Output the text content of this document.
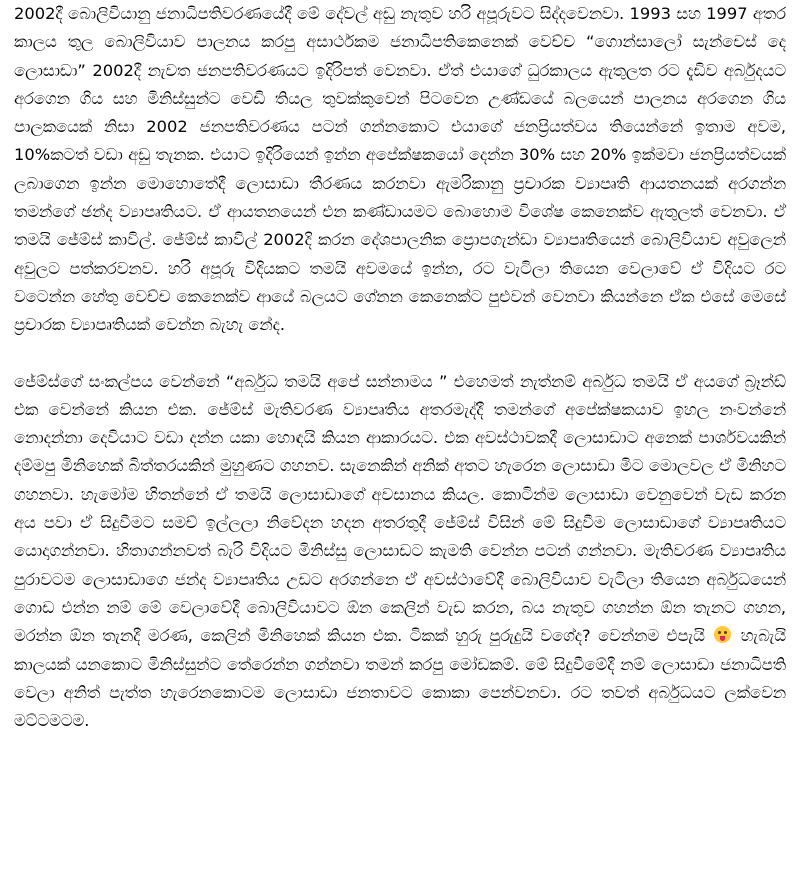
2002දී බොලිවියානු ජනාධිපතිවරණයේදී මේ දේවල් අඩු නැතුව හරි අපූරුවට සිද්දවෙනවා. 1993 සහ 1997 අතර කාලය තුල බොලිවියාව පාලනය කරපු අසාර්ථකම ජනාධිපතිකෙනෙක් වෙච්ච “ගොන්සාලෝ සැන්චෙස් දෙ ලොසාඩා” 2002දී නැවත ජනපතිවරණයට ඉදිරිපත් වෙනවා. ඒත් එයාගේ ධුරකාලය ඇතුලත රට දැඩිව අර්බුදයට අරගෙන ගිය සහ මිනිස්සුන්ට වෙඩි තියල තුවක්කුවෙන් පිටවෙන උණ්ඩයේ බලයෙන් පාලනය අරගෙන ගිය පාලකයෙක් නිසා 2002 ජනපතිවරණය පටන් ගන්නකොට එයාගේ ජනප්‍රියත්වය තියෙන්නේ ඉතාම අවම, 10%කටත් වඩා අඩු තැනක. එයාට ඉදිරියෙන් ඉන්න අපේක්ෂකයෝ දෙන්න 30% සහ 20% ඉක්මවා ජනප්‍රියත්වයක් ලබාගෙන ඉන්න මොහොතේදී ලොසාඩා තීරණය කරනවා ඇමරිකානු ප්‍රචාරක ව්‍යාපෘති ආයතනයක් අරගන්න තමන්ගේ ඡන්ද ව්‍යාපෘතියට. ඒ ආයතනයෙන් එන කණ්ඩායමට බොහොම විශේෂ කෙනෙක්ව ඇතුලත් වෙනවා. ඒ තමයි ජේම්ස් කාවිල්. ජේම්ස් කාවිල් 2002දි කරන දේශපාලනික ප්‍රොපගැන්ඩා ව්‍යාපෘතියෙන් බොලිවියාව අවුලෙන් අවුලට පත්කරවනව. හරි අපූරු විදියකට තමයි අවමයේ ඉන්න, රට වැටිලා තියෙන වෙලාවේ ඒ විදියට රට වටෙන්න හේතු වෙච්ච කෙනෙක්ව ආයේ බලයට ගේනන කෙනෙක්ට පුළුවන් වෙනවා කියන්නෙ ඒක එසේ මෙසේ ප්‍රචාරක ව්‍යාපෘතියක් වෙන්න බැහැ නේද.

ජේම්ස්ගේ සංකල්පය වෙන්නේ “අර්බුධ තමයි අපේ සන්නාමය ” එහෙමත් නැත්නම් අර්බුධ තමයි ඒ අයගේ බ්‍රෑන්ඩ් එක වෙන්නේ කියන එක. ජේම්ස් මැතිවරණ ව්‍යාපෘතිය අතරමැද්දී තමන්ගේ අපේක්ෂකයාව ඉහල නංවන්නේ නොදන්නා දෙවියාට වඩා දන්න යකා හොඳයි කියන ආකාරයට. එක අවස්ථාවකදී ලොසාඩාට අනෙක් පාර්ශවයකින් දම්මපු මිනිහෙක් බිත්තරයකින් මුහුණට ගහනව. සැනෙකින් අනික් අතට හැරෙන ලොසාඩා මිට මොලවල ඒ මිනිහට ගහනවා. හැමෝම හිතන්නේ ඒ තමයි ලොසාඩාගේ අවසානය කියල. කොටින්ම ලොසාඩා වෙනුවෙන් වැඩ කරන අය පවා ඒ සිදුවීමට සමච් ඉල්ලලා නිවේදන හදන අතරතුදී ජේම්ස් විසින් මේ සිදුවීම ලොසාඩාගේ ව්‍යාපෘතියට යොදාගන්නවා. හිතාගන්නවත් බැරි විදියට මිනිස්සු ලොසාඩට කැමති වෙන්න පටන් ගන්නවා. මැතිවරණ ව්‍යාපෘතිය පුරාවටම ලොසාඩාගෙ ජන්ද ව්‍යාපෘතිය උඩට අරගන්නෙ ඒ අවස්ථාවේදී බොලිවියාව වැටිලා තියෙන අර්බුධයෙන් ගොඩ එන්න නම් මේ වෙලාවේදී බොලිවියාවට ඕන කෙලින් වැඩ කරන, බය නැතුව ගහන්න ඕන තැනට ගහන, මරන්න ඕන තැනදී මරණ, කෙලින් මිනිහෙක් කියන එක. ටිකක් හුරු පුරුදුයි වගේද? වෙන්නම එපැයි හැබැයි කාලයක් යනකොට මිනිස්සුන්ට තේරෙන්න ගන්නවා තමන් කරපු මෝඩකම්. මේ සිදුවීමේදී නම් ලොසාඩා ජනාධිපති වෙලා අනිත් පැත්ත හැරෙනකොටම ලොසාඩා ජනතාවට කොකා පෙන්වනවා. රට තවත් අර්බුධයට ලක්වෙන මට්ටමටම.
